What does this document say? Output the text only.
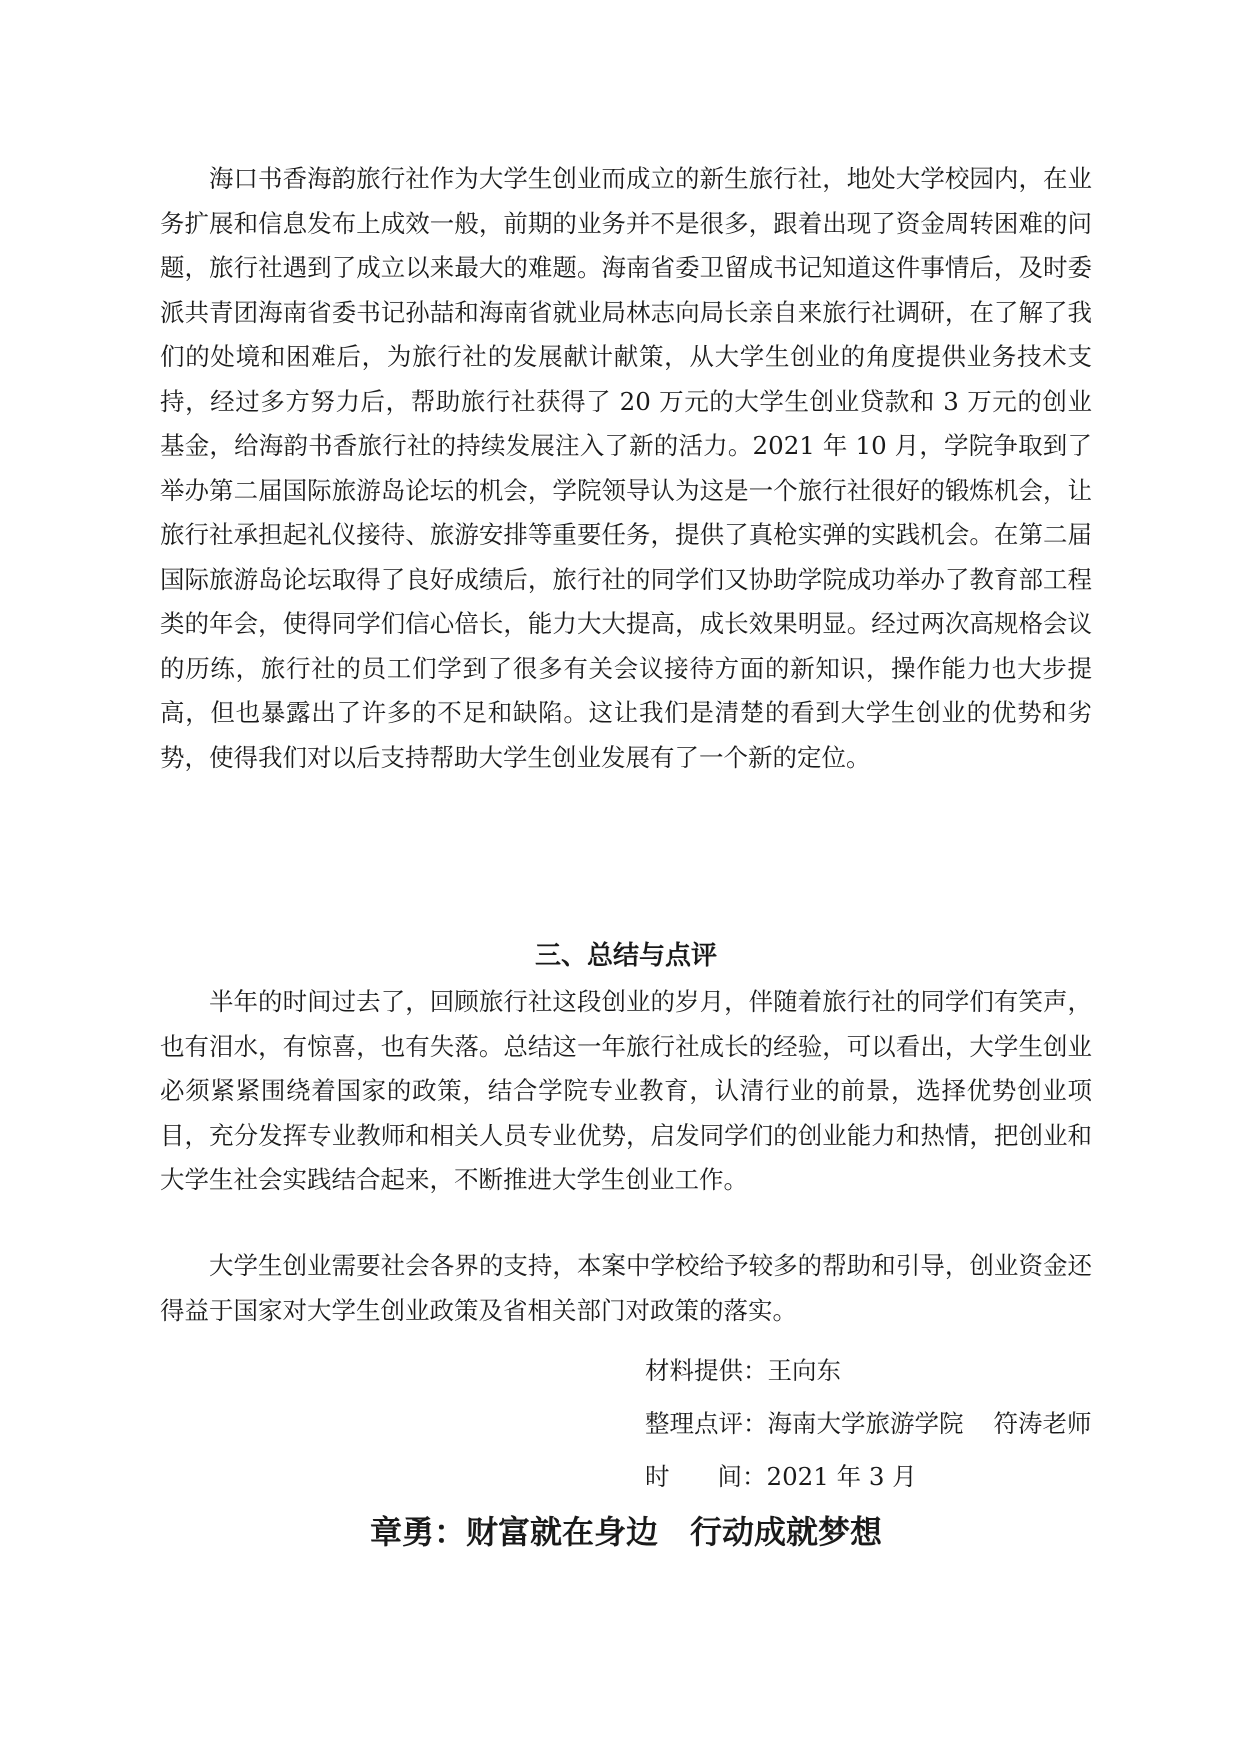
海口书香海韵旅行社作为大学生创业而成立的新生旅行社，地处大学校园内，在业务扩展和信息发布上成效一般，前期的业务并不是很多，跟着出现了资金周转困难的问题，旅行社遇到了成立以来最大的难题。海南省委卫留成书记知道这件事情后，及时委派共青团海南省委书记孙喆和海南省就业局林志向局长亲自来旅行社调研，在了解了我们的处境和困难后，为旅行社的发展献计献策，从大学生创业的角度提供业务技术支持，经过多方努力后，帮助旅行社获得了 20 万元的大学生创业贷款和 3 万元的创业基金，给海韵书香旅行社的持续发展注入了新的活力。2021 年 10 月，学院争取到了举办第二届国际旅游岛论坛的机会，学院领导认为这是一个旅行社很好的锻炼机会，让旅行社承担起礼仪接待、旅游安排等重要任务，提供了真枪实弹的实践机会。在第二届国际旅游岛论坛取得了良好成绩后，旅行社的同学们又协助学院成功举办了教育部工程类的年会，使得同学们信心倍长，能力大大提高，成长效果明显。经过两次高规格会议的历练，旅行社的员工们学到了很多有关会议接待方面的新知识，操作能力也大步提高，但也暴露出了许多的不足和缺陷。这让我们是清楚的看到大学生创业的优势和劣势，使得我们对以后支持帮助大学生创业发展有了一个新的定位。

三、总结与点评

半年的时间过去了，回顾旅行社这段创业的岁月，伴随着旅行社的同学们有笑声，也有泪水，有惊喜，也有失落。总结这一年旅行社成长的经验，可以看出，大学生创业必须紧紧围绕着国家的政策，结合学院专业教育，认清行业的前景，选择优势创业项目，充分发挥专业教师和相关人员专业优势，启发同学们的创业能力和热情，把创业和大学生社会实践结合起来，不断推进大学生创业工作。

大学生创业需要社会各界的支持，本案中学校给予较多的帮助和引导，创业资金还得益于国家对大学生创业政策及省相关部门对政策的落实。

材料提供：王向东
整理点评：海南大学旅游学院 符涛老师
时 间：2021 年 3 月
章勇：财富就在身边　行动成就梦想
